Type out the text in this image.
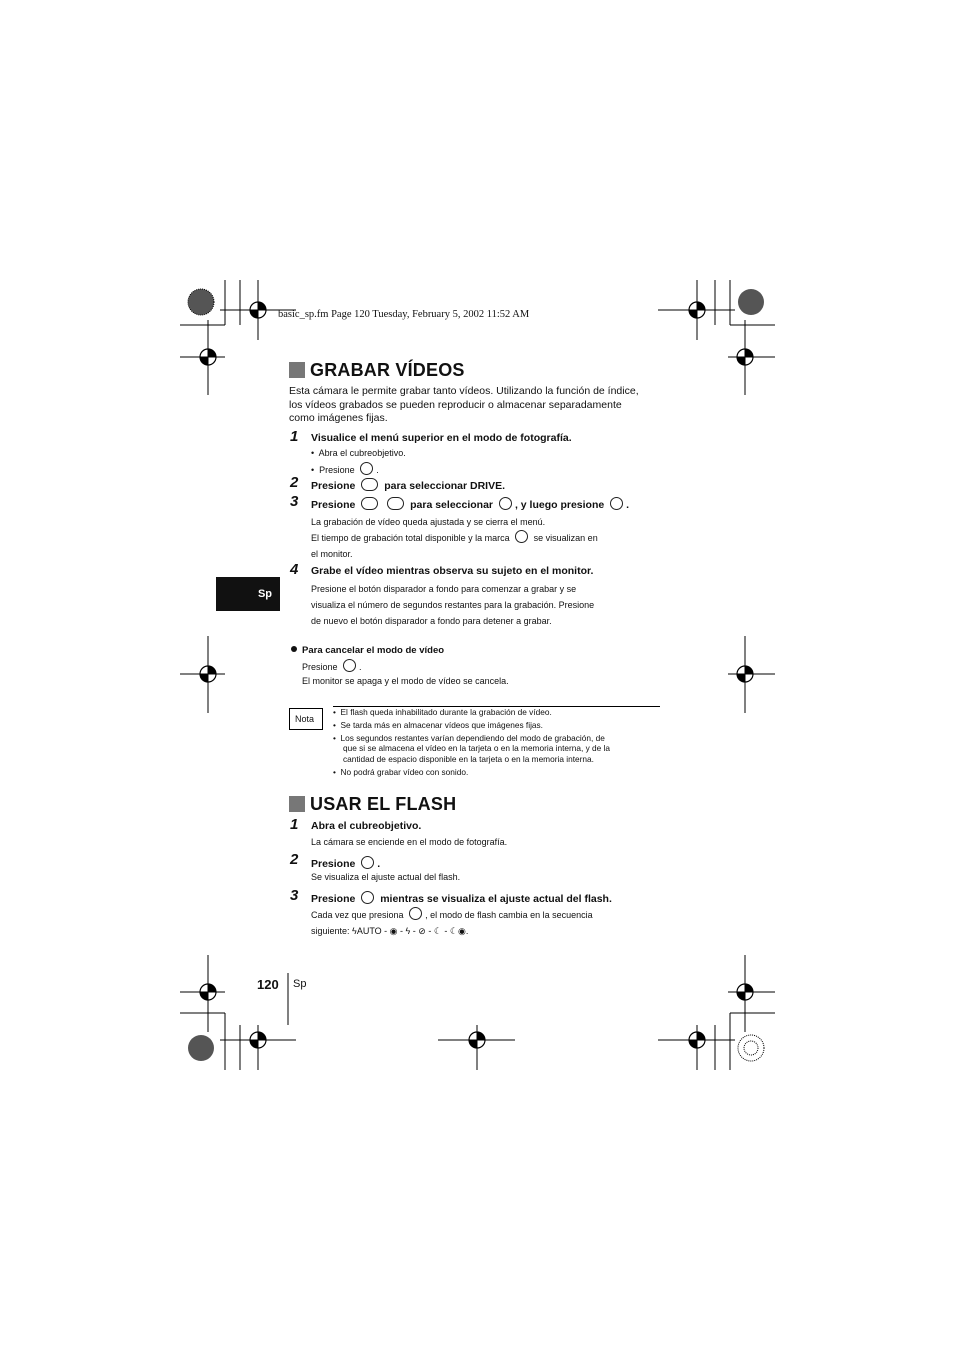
basic_sp.fm Page 120 Tuesday, February 5, 2002 11:52 AM
Sp
GRABAR VÍDEOS
Esta cámara le permite grabar tanto vídeos. Utilizando la función de índice,
los vídeos grabados se pueden reproducir o almacenar separadamente
como imágenes fijas.
1 Visualice el menú superior en el modo de fotografía.
•  Abra el cubreobjetivo.
•  Presione .
2 Presione	para seleccionar DRIVE.
3 Presione	para seleccionar , y luego presione .
La grabación de vídeo queda ajustada y se cierra el menú.
El tiempo de grabación total disponible y la marca	se visualizan en
el monitor.
4 Grabe el vídeo mientras observa su sujeto en el monitor.
Presione el botón disparador a fondo para comenzar a grabar y se
visualiza el número de segundos restantes para la grabación. Presione
de nuevo el botón disparador a fondo para detener a grabar.
Para cancelar el modo de vídeo
Presione .
El monitor se apaga y el modo de vídeo se cancela.
Nota
•  El flash queda inhabilitado durante la grabación de vídeo.
•  Se tarda más en almacenar vídeos que imágenes fijas.
•  Los segundos restantes varían dependiendo del modo de grabación, de
que si se almacena el vídeo en la tarjeta o en la memoria interna, y de la
cantidad de espacio disponible en la tarjeta o en la memoria interna.
•  No podrá grabar vídeo con sonido.
USAR EL FLASH
1 Abra el cubreobjetivo.
La cámara se enciende en el modo de fotografía.
2 Presione .
Se visualiza el ajuste actual del flash.
3 Presione mientras se visualiza el ajuste actual del flash.
Cada vez que presiona , el modo de flash cambia en la secuencia
siguiente: ϟAUTO - ◉ - ϟ - ⊘ - ☾ - ☾◉.
120 Sp
